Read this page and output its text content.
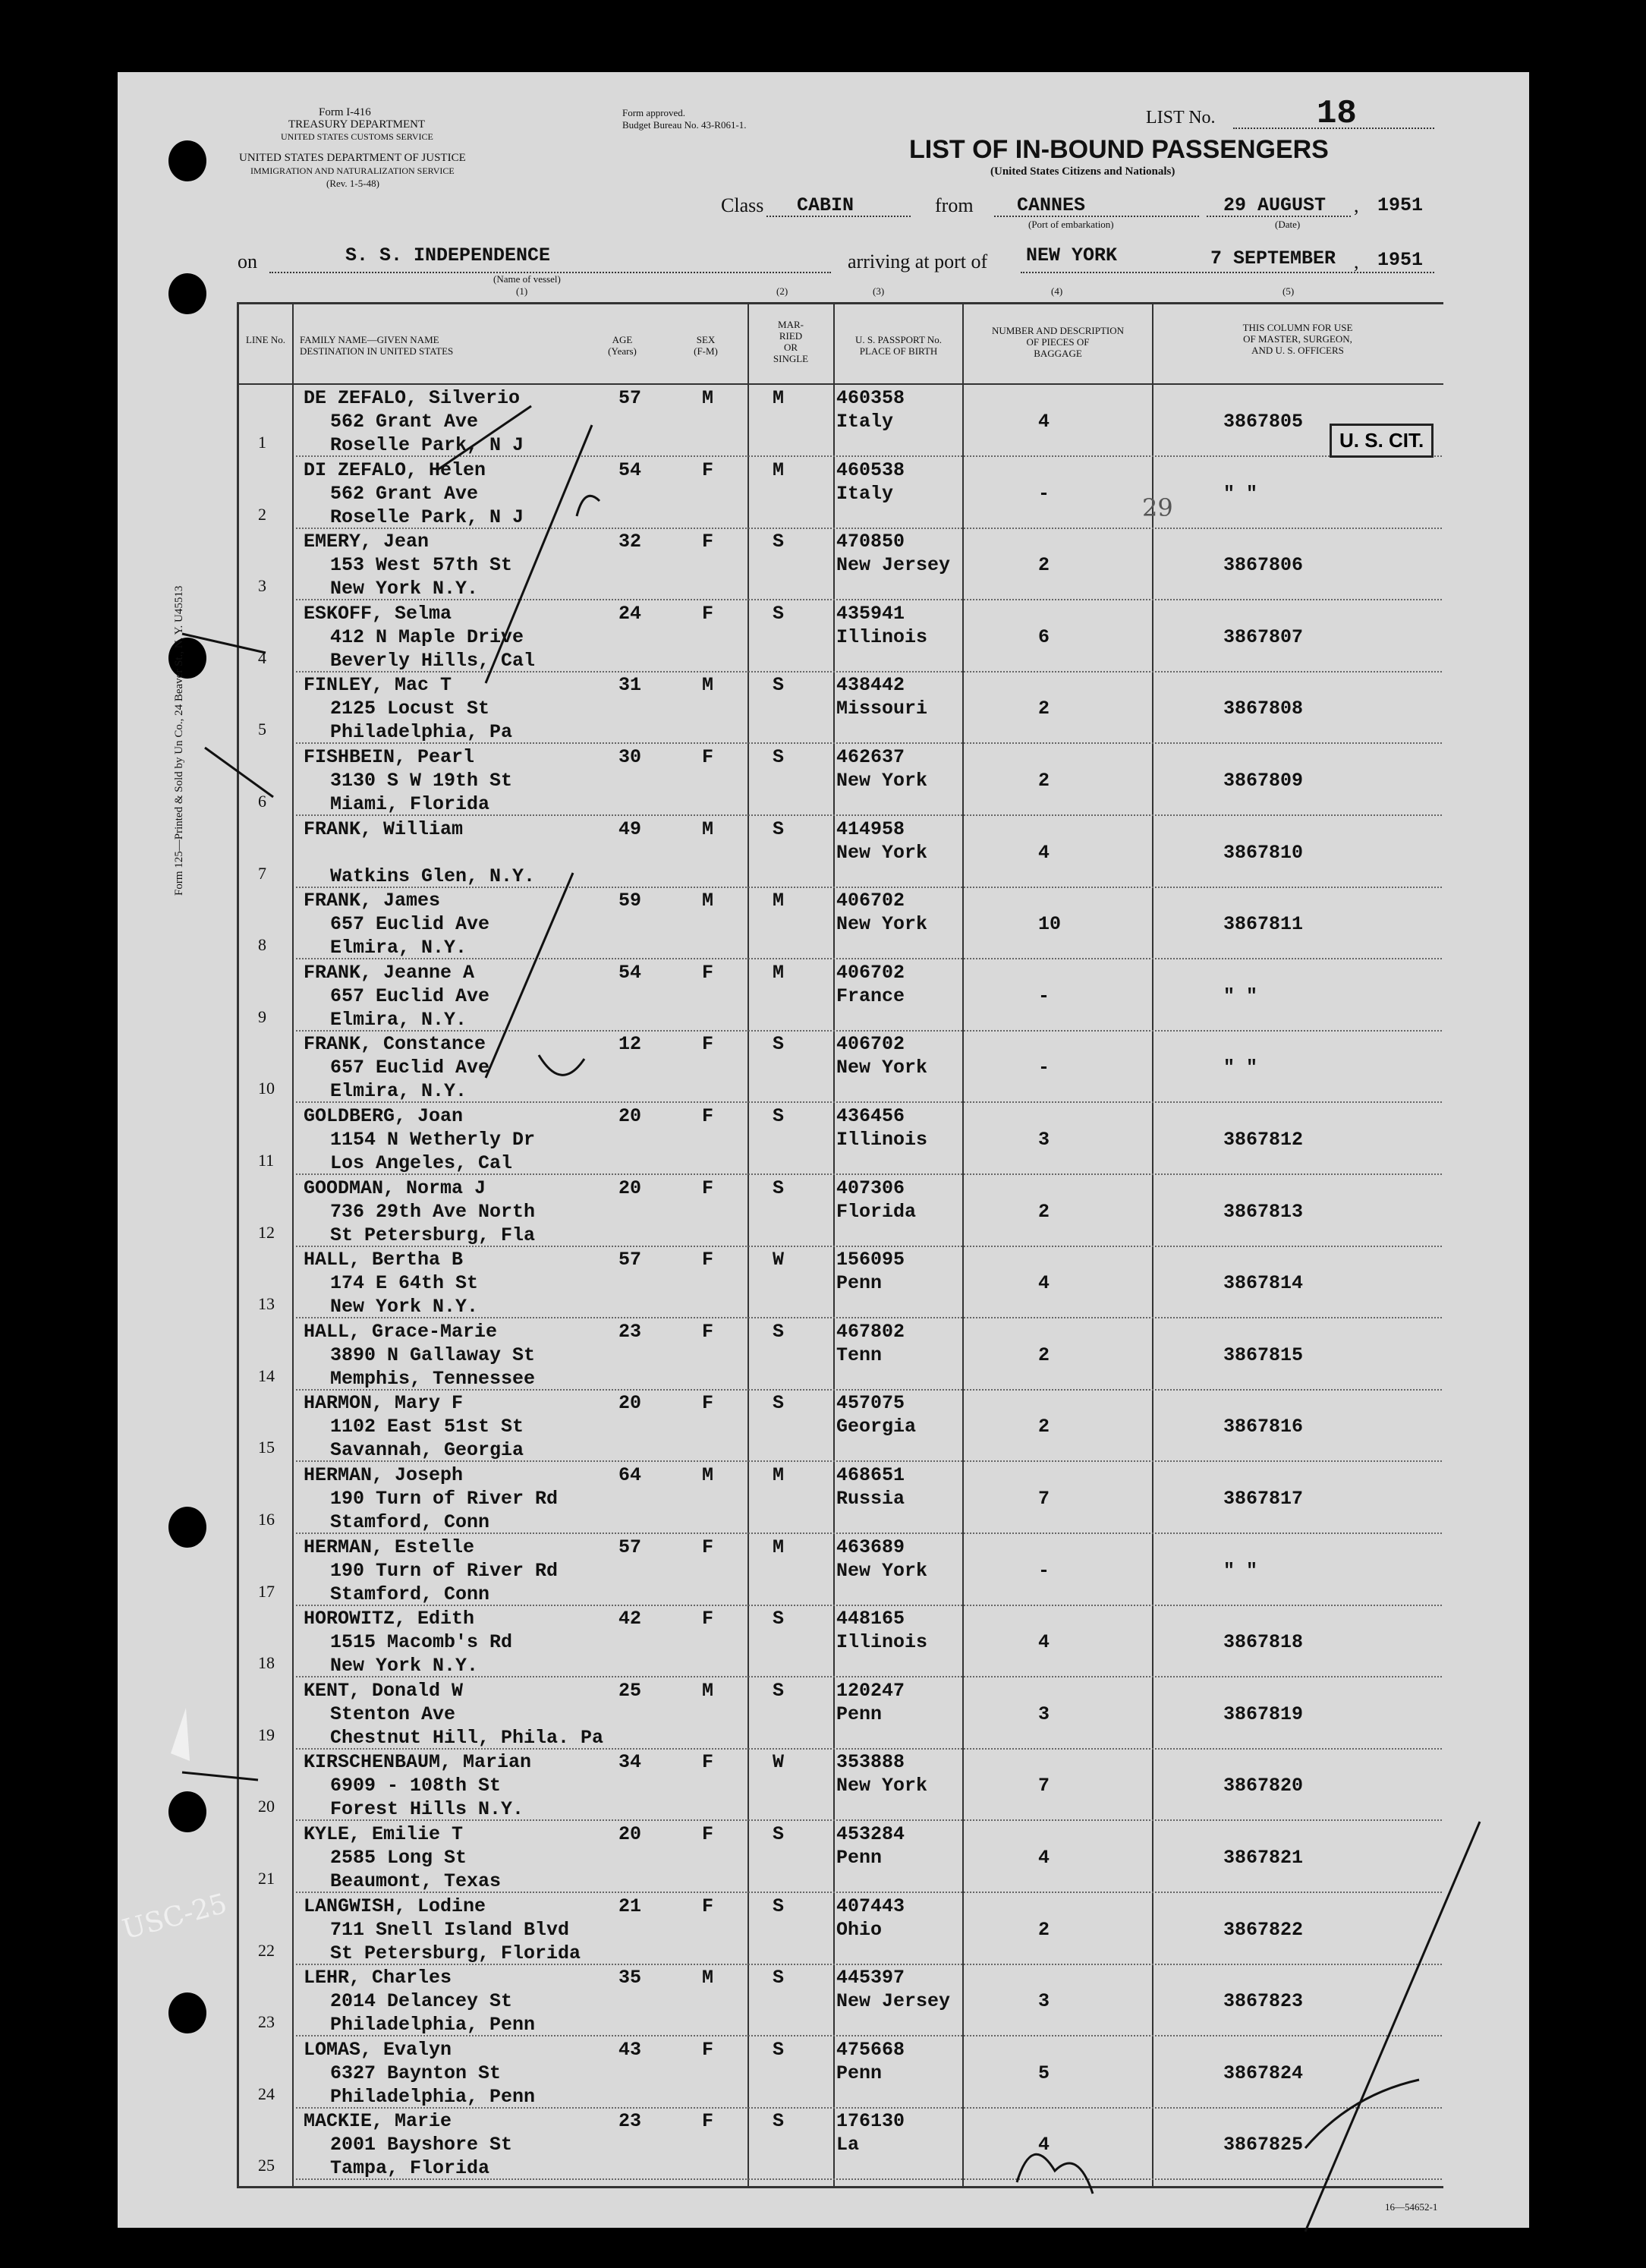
Form 125—Printed & Sold by Un Co., 24 Beaver St., N. Y. U45513
Form I-416
TREASURY DEPARTMENT
UNITED STATES CUSTOMS SERVICE
UNITED STATES DEPARTMENT OF JUSTICE
IMMIGRATION AND NATURALIZATION SERVICE
(Rev. 1-5-48)
Form approved.
Budget Bureau No. 43-R061-1.	LIST No.	18
LIST OF IN-BOUND PASSENGERS
(United States Citizens and Nationals)
Class CABIN	from CANNES
(Port of embarkation)
29 AUGUST
(Date)
, 1951
on	S. S. INDEPENDENCE
(Name of vessel)
(1)
arriving at port of NEW YORK	7 SEPTEMBER , 1951
(2)	(3)	(4)	(5)
LINE No.	FAMILY NAME—GIVEN NAME
DESTINATION IN UNITED STATES
AGE
(Years)
SEX
(F-M)
MAR-
RIED
OR
SINGLE
U. S. PASSPORT No.
PLACE OF BIRTH
NUMBER AND DESCRIPTION
OF PIECES OF
BAGGAGE
THIS COLUMN FOR USE
OF MASTER, SURGEON,
AND U. S. OFFICERS
1
DE ZEFALO, Silverio
562 Grant Ave
Roselle Park, N J
57	M	M	460358
Italy	4	3867805
2
DI ZEFALO, Helen
562 Grant Ave
Roselle Park, N J
54	F	M	460538
Italy	-	" "
3
EMERY, Jean
153 West 57th St
New York N.Y.
32	F	S	470850
New Jersey	2	3867806
4
ESKOFF, Selma
412 N Maple Drive
Beverly Hills, Cal
24	F	S	435941
Illinois	6	3867807
5
FINLEY, Mac T
2125 Locust St
Philadelphia, Pa
31	M	S	438442
Missouri	2	3867808
6
FISHBEIN, Pearl
3130 S W 19th St
Miami, Florida
30	F	S	462637
New York	2	3867809
7
FRANK, William
Watkins Glen, N.Y.
49	M	S	414958
New York	4	3867810
8
FRANK, James
657 Euclid Ave
Elmira, N.Y.
59	M	M	406702
New York	10	3867811
9
FRANK, Jeanne A
657 Euclid Ave
Elmira, N.Y.
54	F	M	406702
France	-	" "
10
FRANK, Constance
657 Euclid Ave
Elmira, N.Y.
12	F	S	406702
New York	-	" "
11
GOLDBERG, Joan
1154 N Wetherly Dr
Los Angeles, Cal
20	F	S	436456
Illinois	3	3867812
12
GOODMAN, Norma J
736 29th Ave North
St Petersburg, Fla
20	F	S	407306
Florida	2	3867813
13
HALL, Bertha B
174 E 64th St
New York N.Y.
57	F	W	156095
Penn	4	3867814
14
HALL, Grace-Marie
3890 N Gallaway St
Memphis, Tennessee
23	F	S	467802
Tenn	2	3867815
15
HARMON, Mary F
1102 East 51st St
Savannah, Georgia
20	F	S	457075
Georgia	2	3867816
16
HERMAN, Joseph
190 Turn of River Rd
Stamford, Conn
64	M	M	468651
Russia	7	3867817
17
HERMAN, Estelle
190 Turn of River Rd
Stamford, Conn
57	F	M	463689
New York	-	" "
18
HOROWITZ, Edith
1515 Macomb's Rd
New York N.Y.
42	F	S	448165
Illinois	4	3867818
19
KENT, Donald W
Stenton Ave
Chestnut Hill, Phila. Pa
25	M	S	120247
Penn	3	3867819
20
KIRSCHENBAUM, Marian
6909 - 108th St
Forest Hills N.Y.
34	F	W	353888
New York	7	3867820
21
KYLE, Emilie T
2585 Long St
Beaumont, Texas
20	F	S	453284
Penn	4	3867821
22
LANGWISH, Lodine
711 Snell Island Blvd
St Petersburg, Florida
21	F	S	407443
Ohio	2	3867822
23
LEHR, Charles
2014 Delancey St
Philadelphia, Penn
35	M	S	445397
New Jersey	3	3867823
24
LOMAS, Evalyn
6327 Baynton St
Philadelphia, Penn
43	F	S	475668
Penn	5	3867824
25
MACKIE, Marie
2001 Bayshore St
Tampa, Florida
23	F	S	176130
La	4	3867825
U. S. CIT.
29
USC-25
16—54652-1
